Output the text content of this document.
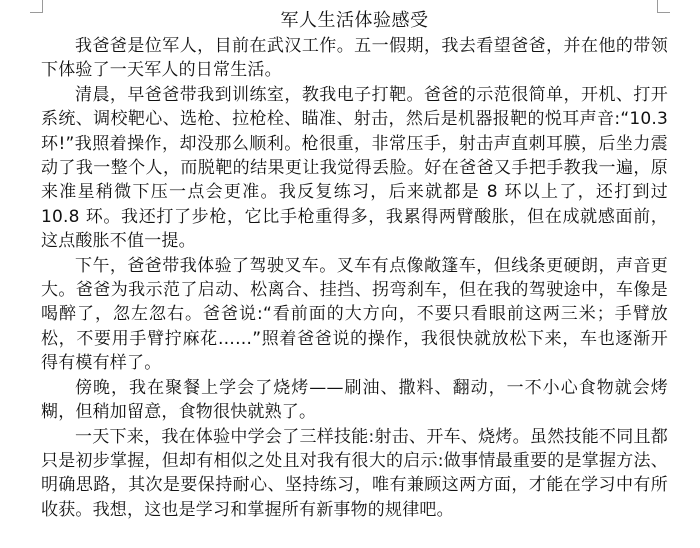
军人生活体验感受

我爸爸是位军人，目前在武汉工作。五一假期，我去看望爸爸，并在他的带领下体验了一天军人的日常生活。

清晨，早爸爸带我到训练室，教我电子打靶。爸爸的示范很简单，开机、打开系统、调校靶心、选枪、拉枪栓、瞄准、射击，然后是机器报靶的悦耳声音:“10.3环!”我照着操作，却没那么顺利。枪很重，非常压手，射击声直刺耳膜，后坐力震动了我一整个人，而脱靶的结果更让我觉得丢脸。好在爸爸又手把手教我一遍，原来准星稍微下压一点会更准。我反复练习，后来就都是 8 环以上了，还打到过 10.8 环。我还打了步枪，它比手枪重得多，我累得两臂酸胀，但在成就感面前，这点酸胀不值一提。

下午，爸爸带我体验了驾驶叉车。叉车有点像敞篷车，但线条更硬朗，声音更大。爸爸为我示范了启动、松离合、挂挡、拐弯刹车，但在我的驾驶途中，车像是喝醉了，忽左忽右。爸爸说:“看前面的大方向，不要只看眼前这两三米；手臂放松，不要用手臂拧麻花……”照着爸爸说的操作，我很快就放松下来，车也逐渐开得有模有样了。

傍晚，我在聚餐上学会了烧烤——刷油、撒料、翻动，一不小心食物就会烤糊，但稍加留意，食物很快就熟了。

一天下来，我在体验中学会了三样技能:射击、开车、烧烤。虽然技能不同且都只是初步掌握，但却有相似之处且对我有很大的启示:做事情最重要的是掌握方法、明确思路，其次是要保持耐心、坚持练习，唯有兼顾这两方面，才能在学习中有所收获。我想，这也是学习和掌握所有新事物的规律吧。
